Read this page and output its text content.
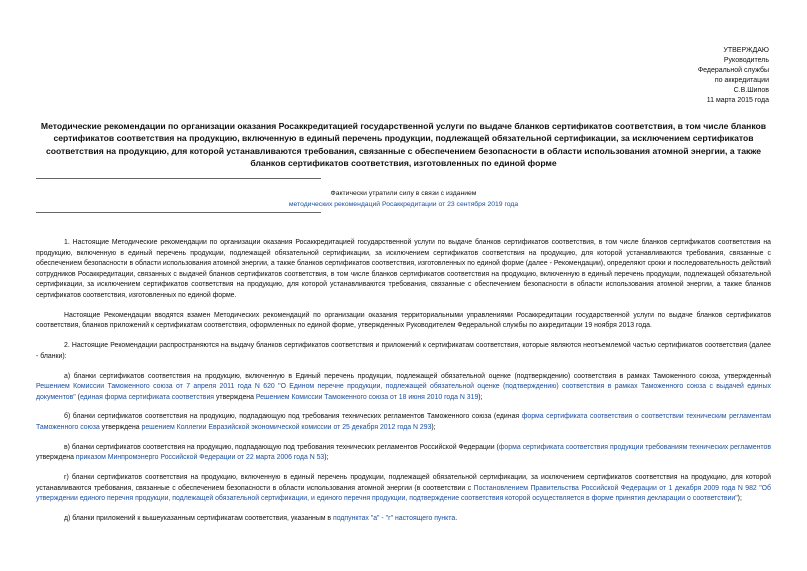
УТВЕРЖДАЮ
Руководитель
Федеральной службы
по аккредитации
С.В.Шипов
11 марта 2015 года
Методические рекомендации по организации оказания Росаккредитацией государственной услуги по выдаче бланков сертификатов соответствия, в том числе бланков сертификатов соответствия на продукцию, включенную в единый перечень продукции, подлежащей обязательной сертификации, за исключением сертификатов соответствия на продукцию, для которой устанавливаются требования, связанные с обеспечением безопасности в области использования атомной энергии, а также бланков сертификатов соответствия, изготовленных по единой форме
Фактически утратили силу в связи с изданием
методических рекомендаций Росаккредитации от 23 сентября 2019 года

1. Настоящие Методические рекомендации по организации оказания Росаккредитацией государственной услуги по выдаче бланков сертификатов соответствия, в том числе бланков сертификатов соответствия на продукцию, включенную в единый перечень продукции, подлежащей обязательной сертификации, за исключением сертификатов соответствия на продукцию, для которой устанавливаются требования, связанные с обеспечением безопасности в области использования атомной энергии, а также бланков сертификатов соответствия, изготовленных по единой форме (далее - Рекомендации), определяют сроки и последовательность действий сотрудников Росаккредитации, связанных с выдачей бланков сертификатов соответствия, в том числе бланков сертификатов соответствия на продукцию, включенную в единый перечень продукции, подлежащей обязательной сертификации, за исключением сертификатов соответствия на продукцию, для которой устанавливаются требования, связанные с обеспечением безопасности в области использования атомной энергии, а также бланков сертификатов соответствия, изготовленных по единой форме.

Настоящие Рекомендации вводятся взамен Методических рекомендаций по организации оказания территориальными управлениями Росаккредитации государственной услуги по выдаче бланков сертификатов соответствия, бланков приложений к сертификатам соответствия, оформленных по единой форме, утвержденных Руководителем Федеральной службы по аккредитации 19 ноября 2013 года.

2. Настоящие Рекомендации распространяются на выдачу бланков сертификатов соответствия и приложений к сертификатам соответствия, которые являются неотъемлемой частью сертификатов соответствия (далее - бланки):

а) бланки сертификатов соответствия на продукцию, включенную в Единый перечень продукции, подлежащей обязательной оценке (подтверждению) соответствия в рамках Таможенного союза, утвержденный Решением Комиссии Таможенного союза от 7 апреля 2011 года N 620 "О Едином перечне продукции, подлежащей обязательной оценке (подтверждению) соответствия в рамках Таможенного союза с выдачей единых документов" (единая форма сертификата соответствия утверждена Решением Комиссии Таможенного союза от 18 июня 2010 года N 319);

б) бланки сертификатов соответствия на продукцию, подпадающую под требования технических регламентов Таможенного союза (единая форма сертификата соответствия о соответствии техническим регламентам Таможенного союза утверждена решением Коллегии Евразийской экономической комиссии от 25 декабря 2012 года N 293);

в) бланки сертификатов соответствия на продукцию, подпадающую под требования технических регламентов Российской Федерации (форма сертификата соответствия продукции требованиям технических регламентов утверждена приказом Минпромэнерго Российской Федерации от 22 марта 2006 года N 53);

г) бланки сертификатов соответствия на продукцию, включенную в единый перечень продукции, подлежащей обязательной сертификации, за исключением сертификатов соответствия на продукцию, для которой устанавливаются требования, связанные с обеспечением безопасности в области использования атомной энергии (в соответствии с Постановлением Правительства Российской Федерации от 1 декабря 2009 года N 982 "Об утверждении единого перечня продукции, подлежащей обязательной сертификации, и единого перечня продукции, подтверждение соответствия которой осуществляется в форме принятия декларации о соответствии");

д) бланки приложений к вышеуказанным сертификатам соответствия, указанным в подпунктах "а" - "г" настоящего пункта.
